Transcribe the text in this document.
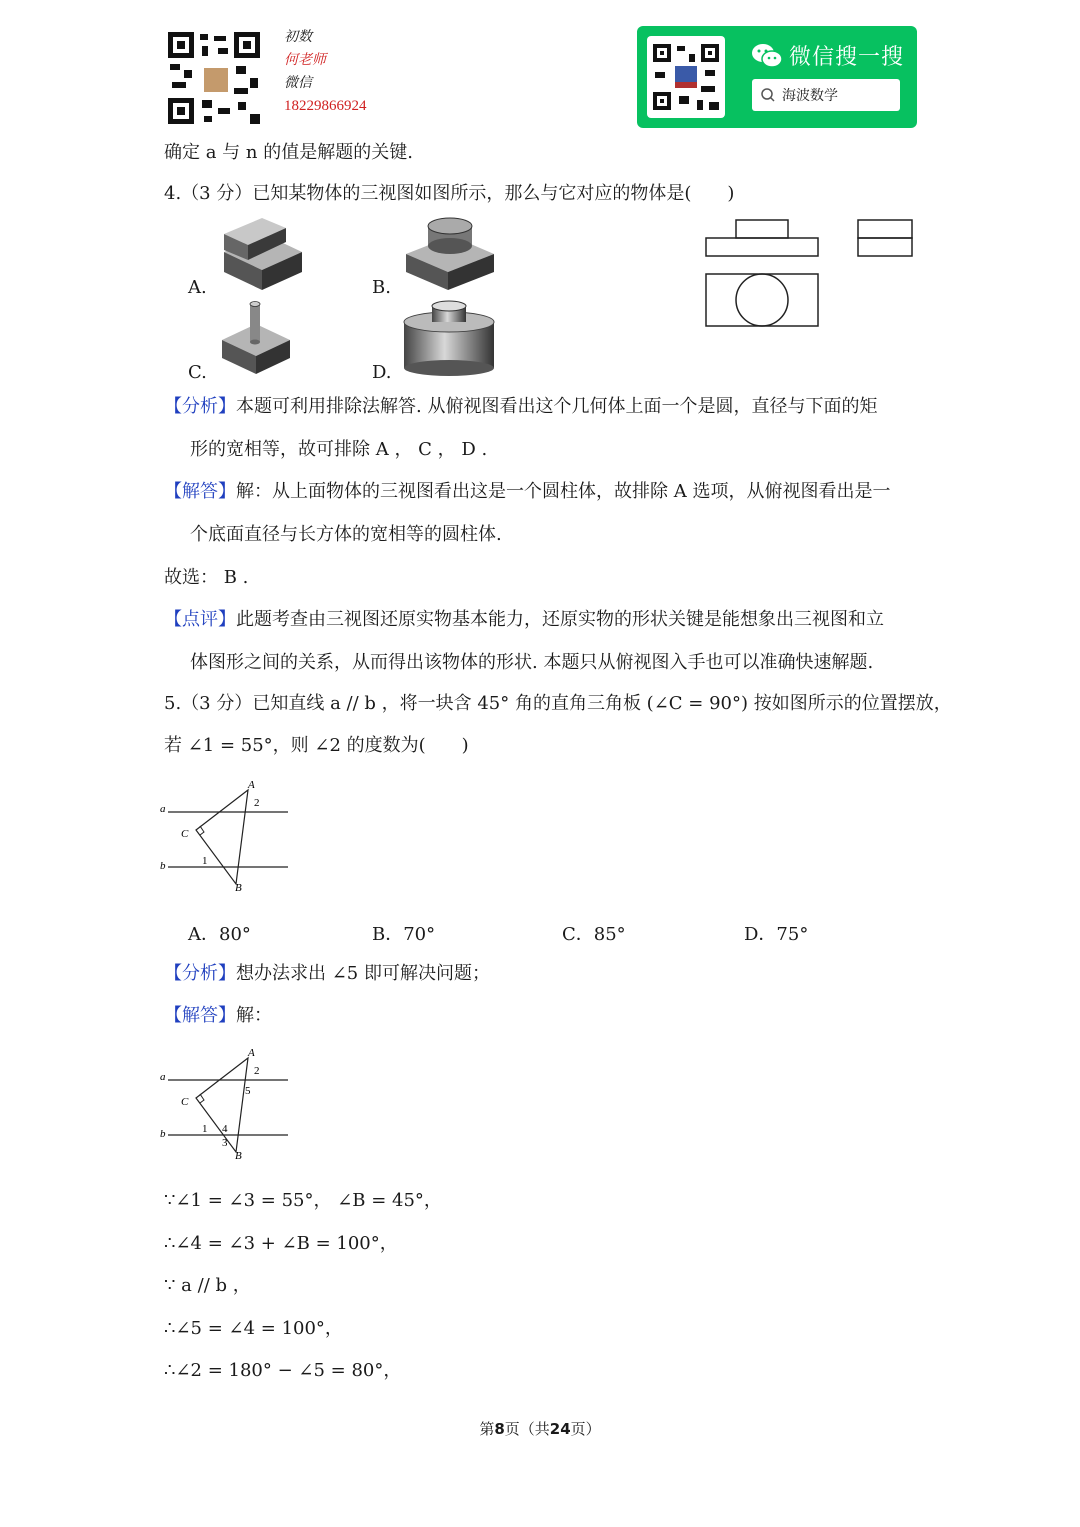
初数
何老师
微信
18229866924
微信搜一搜
海波数学
确定 a 与 n 的值是解题的关键.
4.（3 分）已知某物体的三视图如图所示，那么与它对应的物体是(　　)
A.	B.
C.	D.
【分析】本题可利用排除法解答. 从俯视图看出这个几何体上面一个是圆，直径与下面的矩
形的宽相等，故可排除 A ， C ， D .
【解答】解：从上面物体的三视图看出这是一个圆柱体，故排除 A 选项，从俯视图看出是一
个底面直径与长方体的宽相等的圆柱体.
故选： B .
【点评】此题考查由三视图还原实物基本能力，还原实物的形状关键是能想象出三视图和立
体图形之间的关系，从而得出该物体的形状. 本题只从俯视图入手也可以准确快速解题.
5.（3 分）已知直线 a // b ，将一块含 45° 角的直角三角板 (∠C = 90°) 按如图所示的位置摆放，
若 ∠1 = 55°，则 ∠2 的度数为(　　)
A
a
b
C
B
2
1
A．80°	B．70°	C．85°	D．75°
【分析】想办法求出 ∠5 即可解决问题；
【解答】解：
A
a
b
C
B
2
5
1 4
3
∵∠1 = ∠3 = 55°， ∠B = 45°，
∴∠4 = ∠3 + ∠B = 100°，
∵ a // b ，
∴∠5 = ∠4 = 100°，
∴∠2 = 180° − ∠5 = 80°，
第8页（共24页）
